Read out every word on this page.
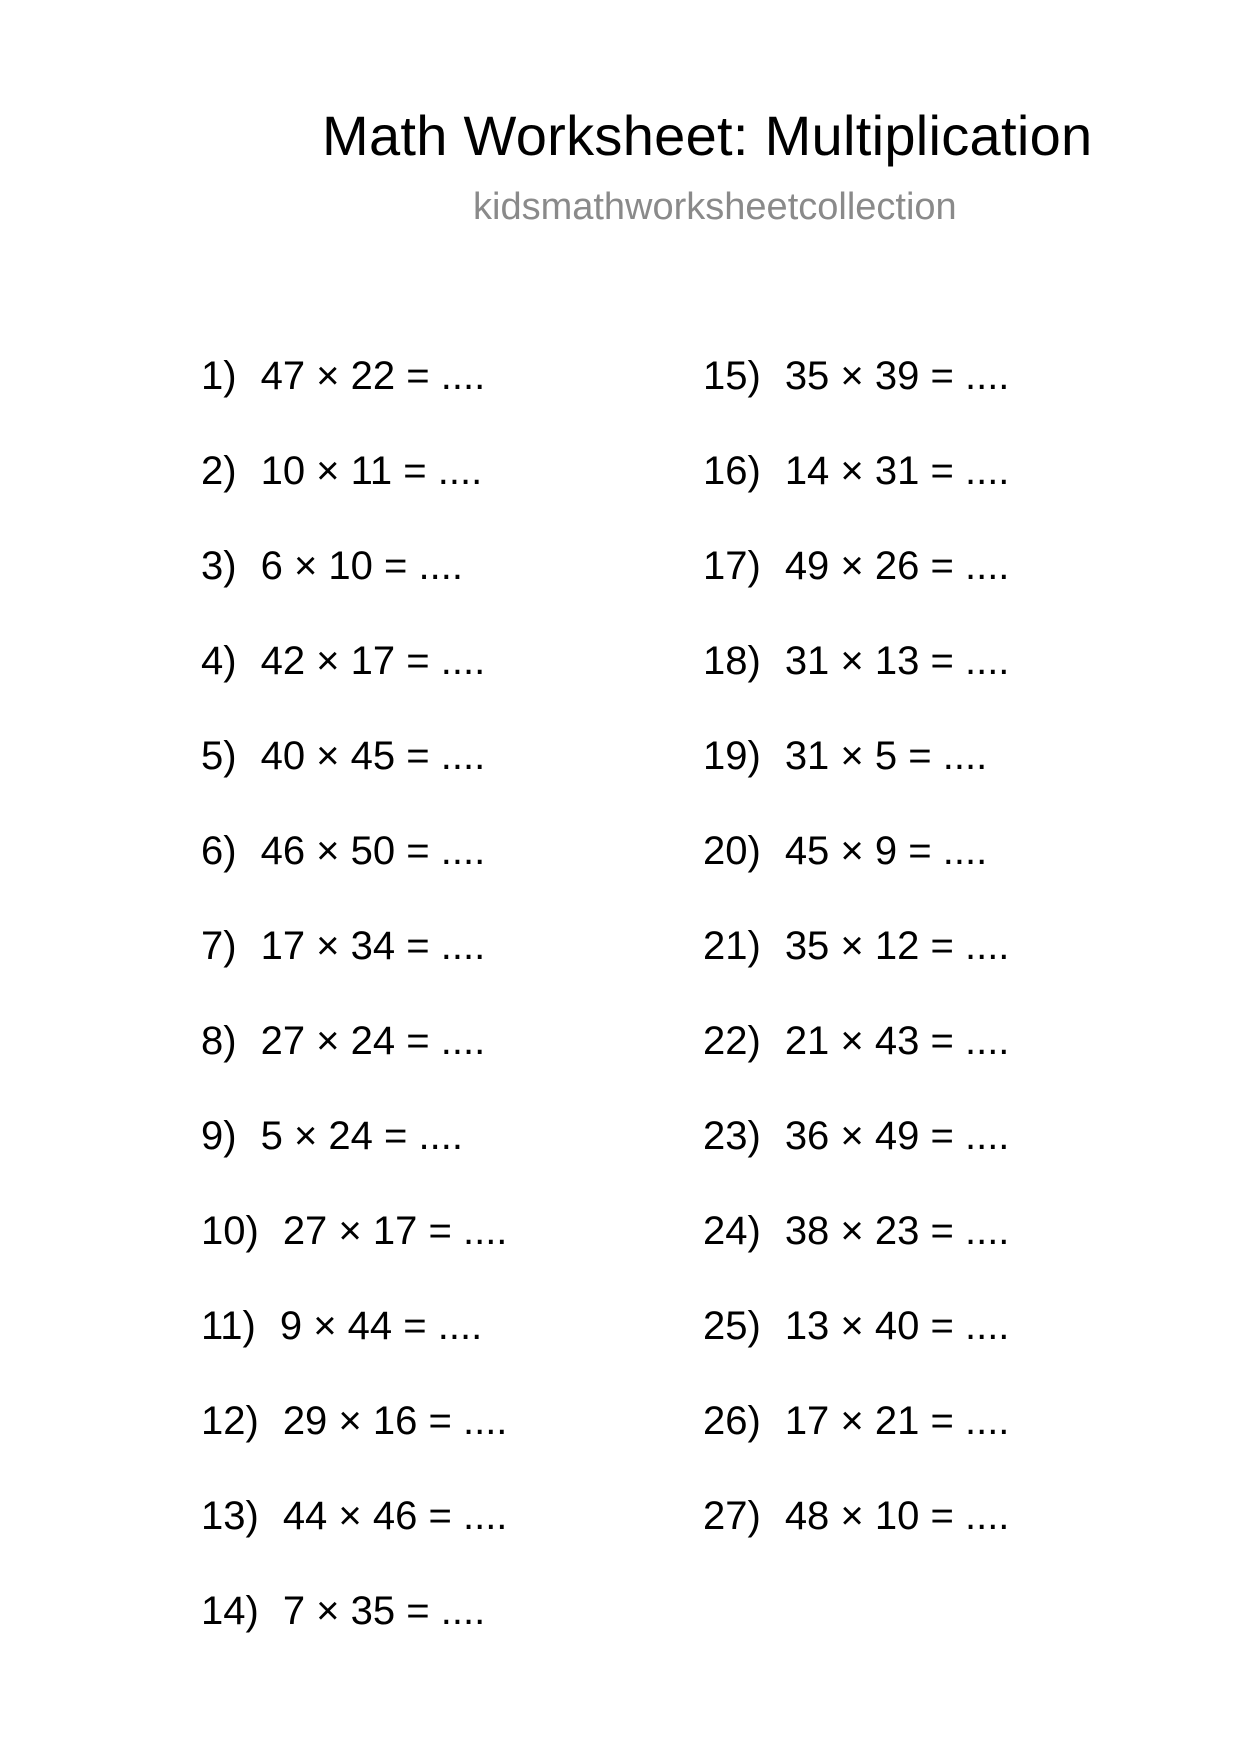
Math Worksheet: Multiplication
kidsmathworksheetcollection
1) 47 × 22 = ....
2) 10 × 11 = ....
3) 6 × 10 = ....
4) 42 × 17 = ....
5) 40 × 45 = ....
6) 46 × 50 = ....
7) 17 × 34 = ....
8) 27 × 24 = ....
9) 5 × 24 = ....
10) 27 × 17 = ....
11) 9 × 44 = ....
12) 29 × 16 = ....
13) 44 × 46 = ....
14) 7 × 35 = ....
15) 35 × 39 = ....
16) 14 × 31 = ....
17) 49 × 26 = ....
18) 31 × 13 = ....
19) 31 × 5 = ....
20) 45 × 9 = ....
21) 35 × 12 = ....
22) 21 × 43 = ....
23) 36 × 49 = ....
24) 38 × 23 = ....
25) 13 × 40 = ....
26) 17 × 21 = ....
27) 48 × 10 = ....
